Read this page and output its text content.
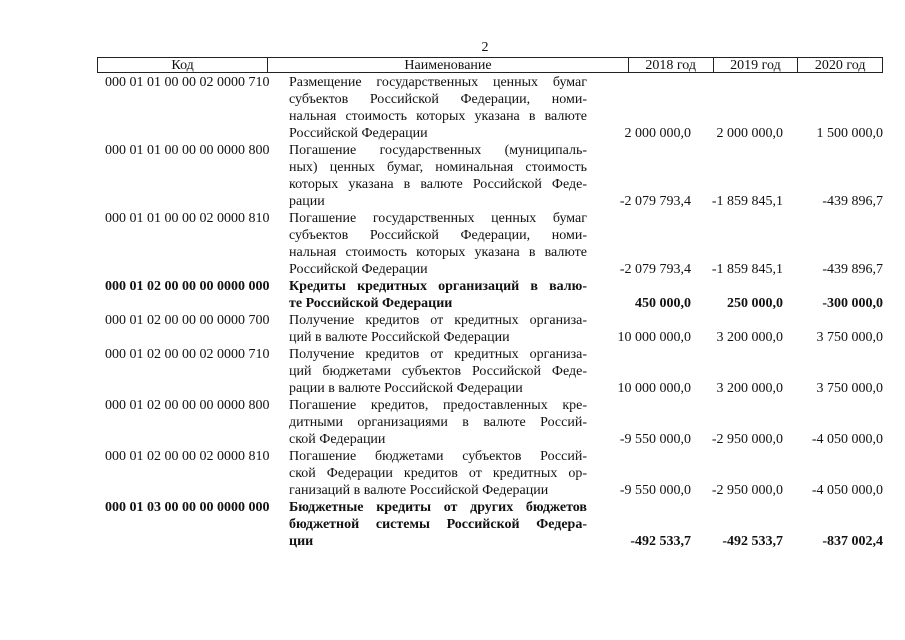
2
Код	Наименование	2018 год	2019 год	2020 год
000 01 01 00 00 02 0000 710	Размещение государственных ценных бумаг
субъектов Российской Федерации, номи-
нальная стоимость которых указана в валюте
Российской Федерации	2 000 000,0	2 000 000,0	1 500 000,0
000 01 01 00 00 00 0000 800	Погашение государственных (муниципаль-
ных) ценных бумаг, номинальная стоимость
которых указана в валюте Российской Феде-
рации	-2 079 793,4	-1 859 845,1	-439 896,7
000 01 01 00 00 02 0000 810	Погашение государственных ценных бумаг
субъектов Российской Федерации, номи-
нальная стоимость которых указана в валюте
Российской Федерации	-2 079 793,4	-1 859 845,1	-439 896,7
000 01 02 00 00 00 0000 000	Кредиты кредитных организаций в валю-
те Российской Федерации	450 000,0	250 000,0	-300 000,0
000 01 02 00 00 00 0000 700	Получение кредитов от кредитных организа-
ций в валюте Российской Федерации	10 000 000,0	3 200 000,0	3 750 000,0
000 01 02 00 00 02 0000 710	Получение кредитов от кредитных организа-
ций бюджетами субъектов Российской Феде-
рации в валюте Российской Федерации	10 000 000,0	3 200 000,0	3 750 000,0
000 01 02 00 00 00 0000 800	Погашение кредитов, предоставленных кре-
дитными организациями в валюте Россий-
ской Федерации	-9 550 000,0	-2 950 000,0	-4 050 000,0
000 01 02 00 00 02 0000 810	Погашение бюджетами субъектов Россий-
ской Федерации кредитов от кредитных ор-
ганизаций в валюте Российской Федерации	-9 550 000,0	-2 950 000,0	-4 050 000,0
000 01 03 00 00 00 0000 000	Бюджетные кредиты от других бюджетов
бюджетной системы Российской Федера-
ции	-492 533,7	-492 533,7	-837 002,4
